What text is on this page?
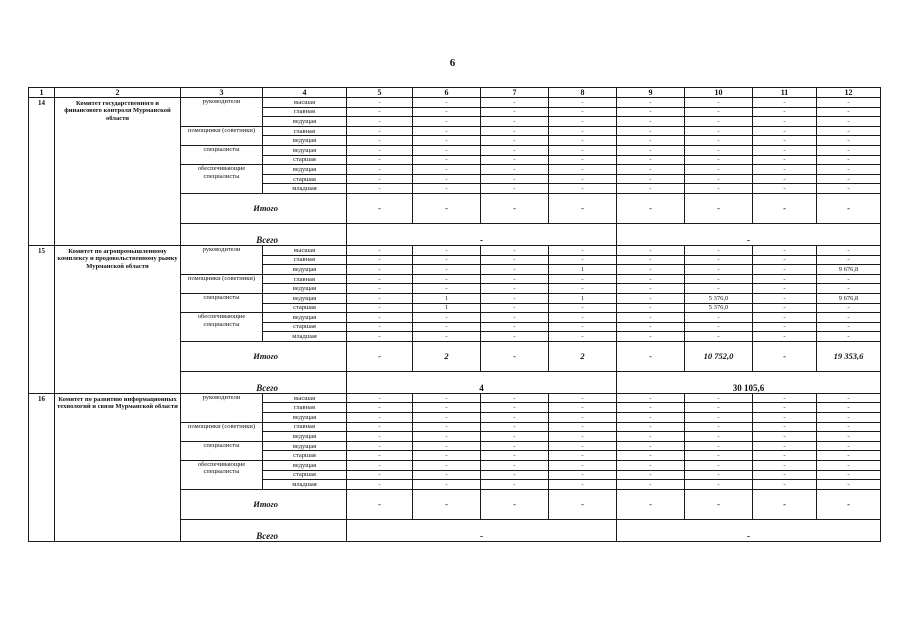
6
1	2	3	4	5	6	7	8	9	10	11	12
14	Комитет государственного и финансового контроля Мурманской области	руководители	высшая	-	-	-	-	-	-	-	-
			главная	-	-	-	-	-	-	-	-
			ведущая	-	-	-	-	-	-	-	-
		помощники (советники)	главная	-	-	-	-	-	-	-	-
			ведущая	-	-	-	-	-	-	-	-
		специалисты	ведущая	-	-	-	-	-	-	-	-
			старшая	-	-	-	-	-	-	-	-
		обеспечивающие специалисты	ведущая	-	-	-	-	-	-	-	-
			старшая	-	-	-	-	-	-	-	-
			младшая	-	-	-	-	-	-	-	-
		Итого		-	-	-	-	-	-	-	-
		Всего		-				-			
15	Комитет по агропромышленному комплексу и продовольственному рынку Мурманской области	руководители	высшая	-	-	-	-	-	-	-	-
			главная	-	-	-	-	-	-	-	-
			ведущая	-	-	-	1	-	-	-	9 676,8
		помощники (советники)	главная	-	-	-	-	-	-	-	-
			ведущая	-	-	-	-	-	-	-	-
		специалисты	ведущая	-	1	-	1	-	5 376,0	-	9 676,8
			старшая	-	1	-	-	-	5 376,0	-	-
		обеспечивающие специалисты	ведущая	-	-	-	-	-	-	-	-
			старшая	-	-	-	-	-	-	-	-
			младшая	-	-	-	-	-	-	-	-
		Итого		-	2	-	2	-	10 752,0	-	19 353,6
		Всего		4				30 105,6			
16	Комитет по развитию информационных технологий и связи Мурманской области	руководители	высшая	-	-	-	-	-	-	-	-
			главная	-	-	-	-	-	-	-	-
			ведущая	-	-	-	-	-	-	-	-
		помощники (советники)	главная	-	-	-	-	-	-	-	-
			ведущая	-	-	-	-	-	-	-	-
		специалисты	ведущая	-	-	-	-	-	-	-	-
			старшая	-	-	-	-	-	-	-	-
		обеспечивающие специалисты	ведущая	-	-	-	-	-	-	-	-
			старшая	-	-	-	-	-	-	-	-
			младшая	-	-	-	-	-	-	-	-
		Итого		-	-	-	-	-	-	-	-
		Всего		-				-			
